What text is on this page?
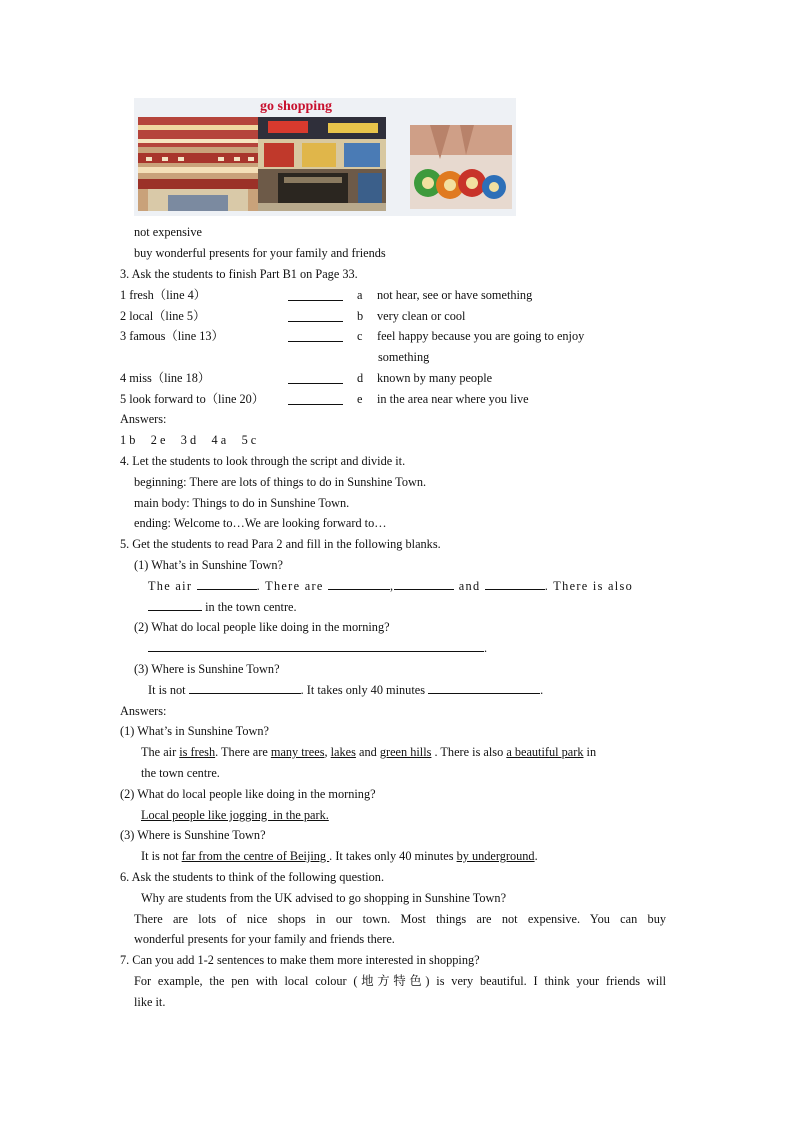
go shopping
not expensive
buy wonderful presents for your family and friends
3. Ask the students to finish Part B1 on Page 33.
1 fresh（line 4）	a not hear, see or have something
2 local（line 5）	b very clean or cool
3 famous（line 13）	c feel happy because you are going to enjoy
something
4 miss（line 18）	d known by many people
5 look forward to（line 20）	e in the area near where you live
Answers:
1 b     2 e     3 d     4 a     5 c
4. Let the students to look through the script and divide it.
beginning: There are lots of things to do in Sunshine Town.
main body: Things to do in Sunshine Town.
ending: Welcome to…We are looking forward to…
5. Get the students to read Para 2 and fill in the following blanks.
(1) What’s in Sunshine Town?
The air	. There are	,	and	. There is also
in the town centre.
(2) What do local people like doing in the morning?
.
(3) Where is Sunshine Town?
It is not	. It takes only 40 minutes	.
Answers:
(1) What’s in Sunshine Town?
The air is fresh. There are many trees, lakes and green hills . There is also a beautiful park in
the town centre.
(2) What do local people like doing in the morning?
Local people like jogging  in the park.
(3) Where is Sunshine Town?
It is not far from the centre of Beijing . It takes only 40 minutes by underground.
6. Ask the students to think of the following question.
Why are students from the UK advised to go shopping in Sunshine Town?
There are lots of nice shops in our town. Most things are not expensive. You can buy
wonderful presents for your family and friends there.
7. Can you add 1-2 sentences to make them more interested in shopping?
For example, the pen with local colour (地方特色) is very beautiful. I think your friends will
like it.
